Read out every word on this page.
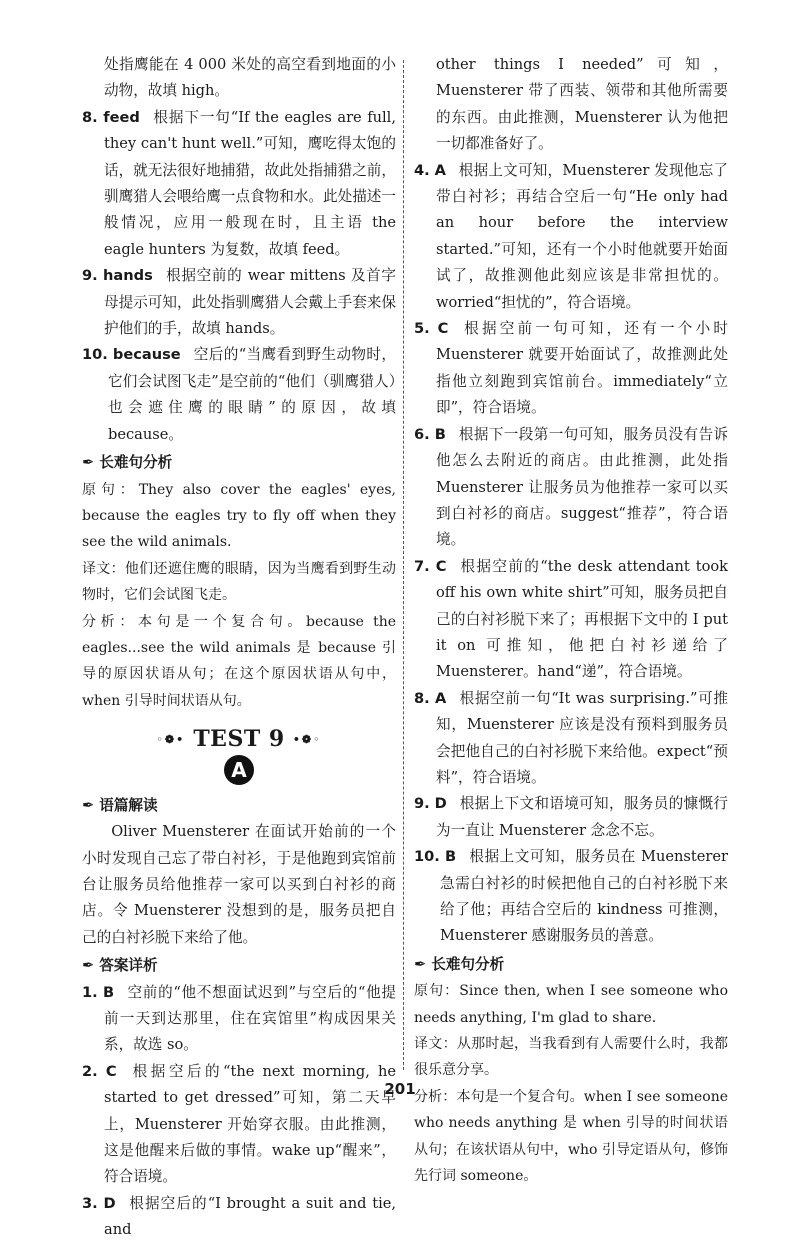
处指鹰能在 4 000 米处的高空看到地面的小动物，故填 high。
8. feed 根据下一句“If the eagles are full, they can't hunt well.”可知，鹰吃得太饱的话，就无法很好地捕猎，故此处指捕猎之前，驯鹰猎人会喂给鹰一点食物和水。此处描述一般情况，应用一般现在时，且主语 the eagle hunters 为复数，故填 feed。
9. hands 根据空前的 wear mittens 及首字母提示可知，此处指驯鹰猎人会戴上手套来保护他们的手，故填 hands。
10. because 空后的“当鹰看到野生动物时，它们会试图飞走”是空前的“他们（驯鹰猎人）也会遮住鹰的眼睛”的原因，故填 because。
✒ 长难句分析
原句：They also cover the eagles' eyes, because the eagles try to fly off when they see the wild animals.
译文：他们还遮住鹰的眼睛，因为当鹰看到野生动物时，它们会试图飞走。
分析：本句是一个复合句。because the eagles...see the wild animals 是 because 引导的原因状语从句；在这个原因状语从句中，when 引导时间状语从句。
◦❁• TEST 9 •❁◦
A
✒ 语篇解读
Oliver Muensterer 在面试开始前的一个小时发现自己忘了带白衬衫，于是他跑到宾馆前台让服务员给他推荐一家可以买到白衬衫的商店。令 Muensterer 没想到的是，服务员把自己的白衬衫脱下来给了他。
✒ 答案详析
1. B 空前的“他不想面试迟到”与空后的“他提前一天到达那里，住在宾馆里”构成因果关系，故选 so。
2. C 根据空后的“the next morning, he started to get dressed”可知，第二天早上，Muensterer 开始穿衣服。由此推测，这是他醒来后做的事情。wake up“醒来”，符合语境。
3. D 根据空后的“I brought a suit and tie, and
other things I needed”可知，Muensterer 带了西装、领带和其他所需要的东西。由此推测，Muensterer 认为他把一切都准备好了。
4. A 根据上文可知，Muensterer 发现他忘了带白衬衫；再结合空后一句“He only had an hour before the interview started.”可知，还有一个小时他就要开始面试了，故推测他此刻应该是非常担忧的。worried“担忧的”，符合语境。
5. C 根据空前一句可知，还有一个小时 Muensterer 就要开始面试了，故推测此处指他立刻跑到宾馆前台。immediately“立即”，符合语境。
6. B 根据下一段第一句可知，服务员没有告诉他怎么去附近的商店。由此推测，此处指 Muensterer 让服务员为他推荐一家可以买到白衬衫的商店。suggest“推荐”，符合语境。
7. C 根据空前的“the desk attendant took off his own white shirt”可知，服务员把自己的白衬衫脱下来了；再根据下文中的 I put it on 可推知，他把白衬衫递给了 Muensterer。hand“递”，符合语境。
8. A 根据空前一句“It was surprising.”可推知，Muensterer 应该是没有预料到服务员会把他自己的白衬衫脱下来给他。expect“预料”，符合语境。
9. D 根据上下文和语境可知，服务员的慷慨行为一直让 Muensterer 念念不忘。
10. B 根据上文可知，服务员在 Muensterer 急需白衬衫的时候把他自己的白衬衫脱下来给了他；再结合空后的 kindness 可推测，Muensterer 感谢服务员的善意。
✒ 长难句分析
原句：Since then, when I see someone who needs anything, I'm glad to share.
译文：从那时起，当我看到有人需要什么时，我都很乐意分享。
分析：本句是一个复合句。when I see someone who needs anything 是 when 引导的时间状语从句；在该状语从句中，who 引导定语从句，修饰先行词 someone。
201
